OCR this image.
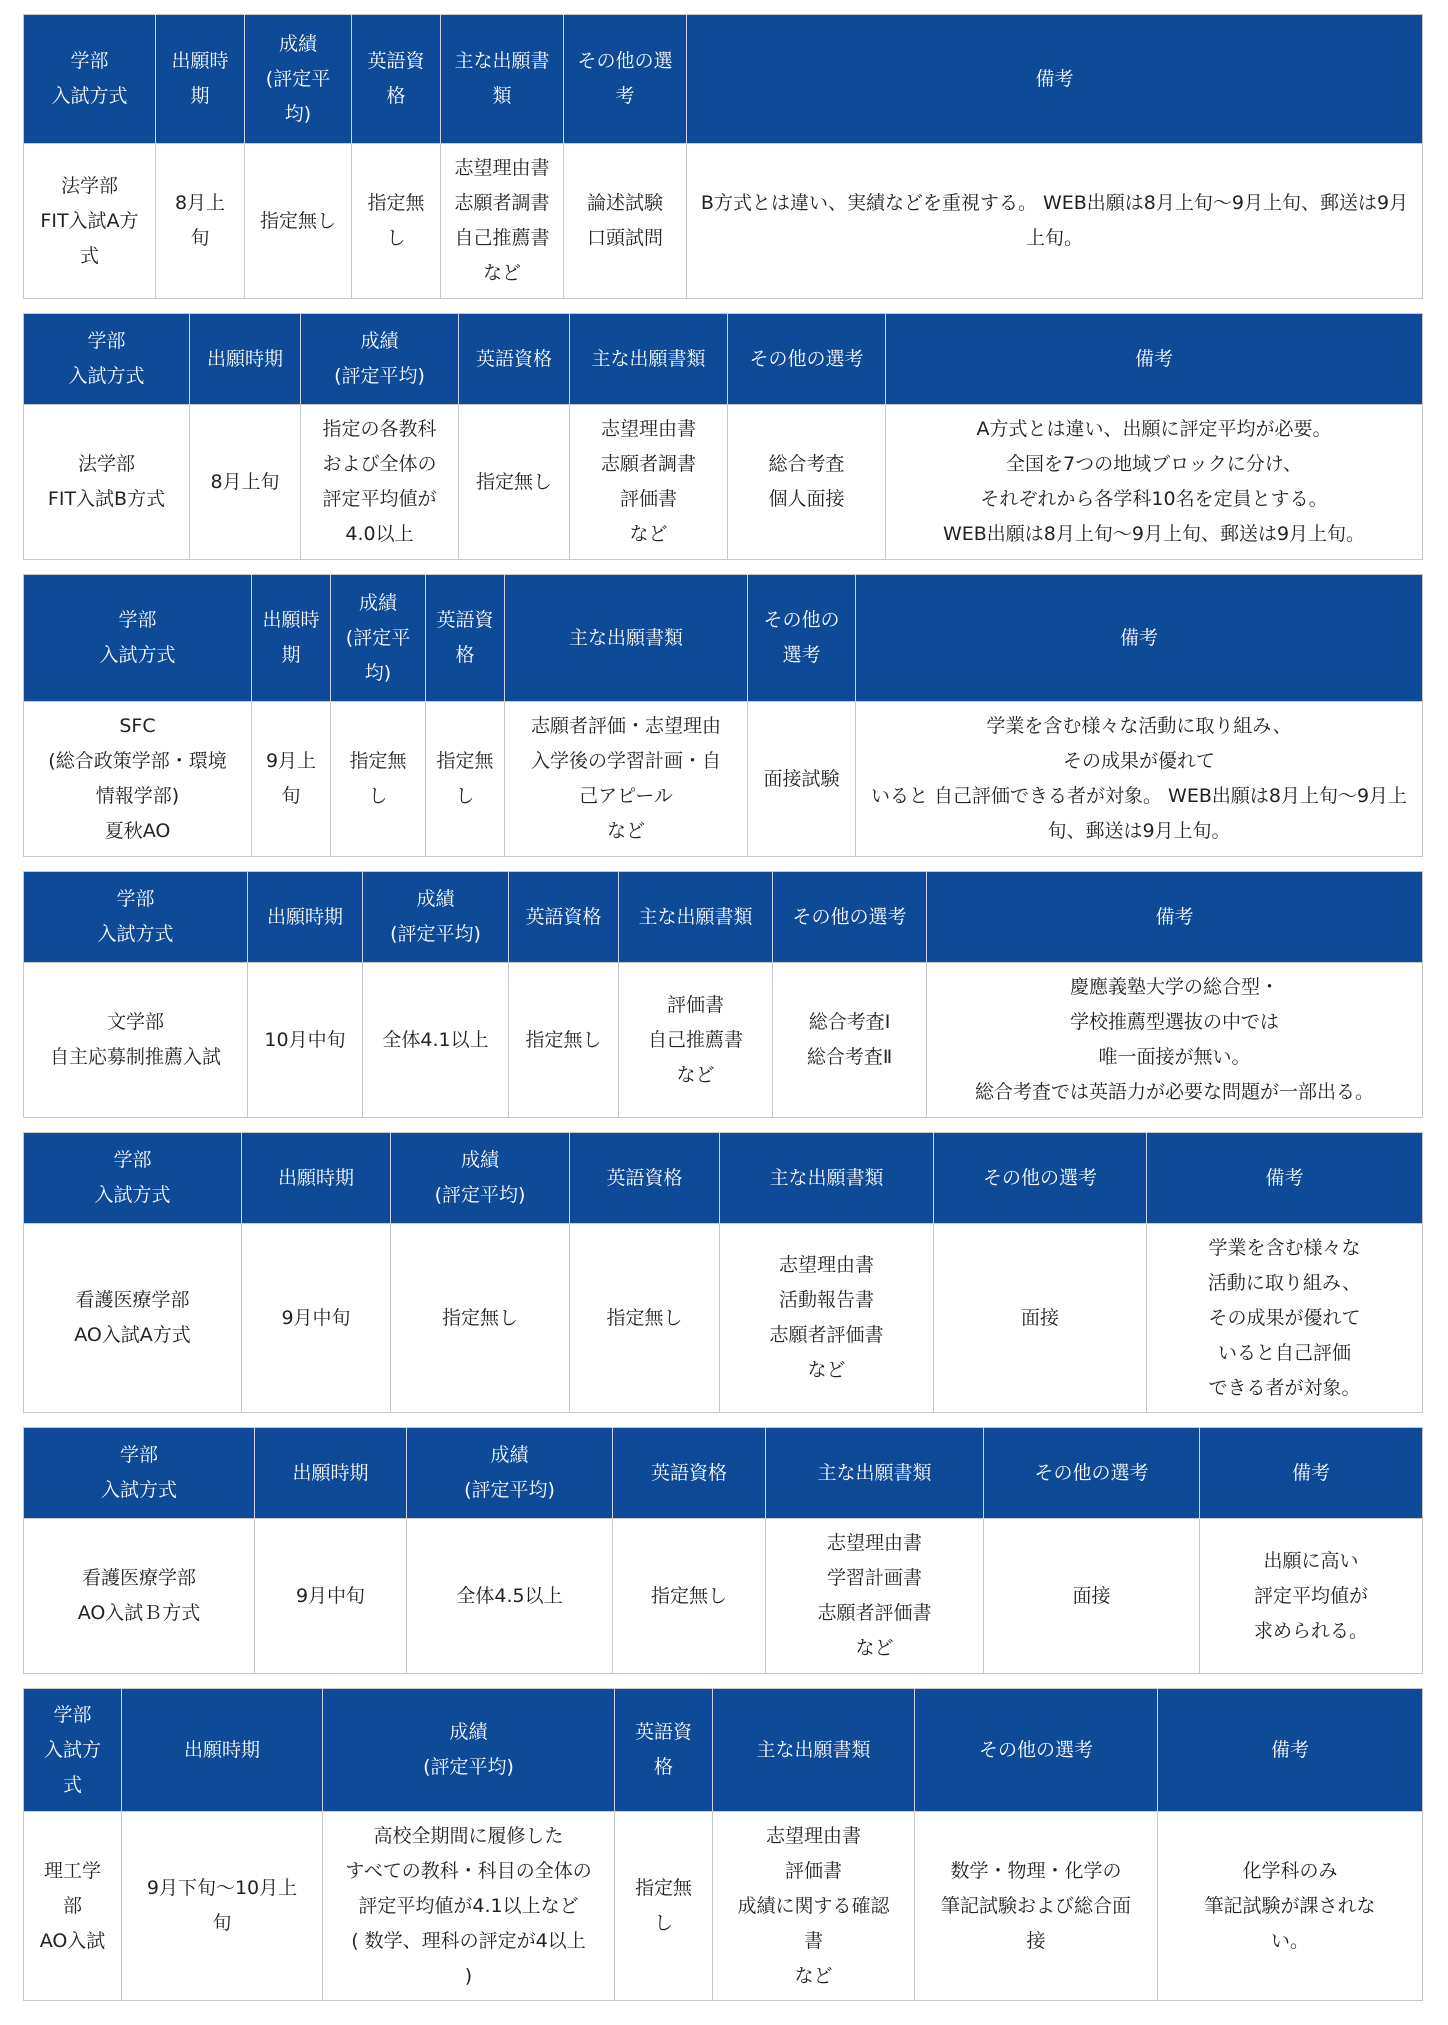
学部
入試方式	出願時
期	成績
(評定平
均)	英語資
格	主な出願書
類	その他の選
考	備考

法学部
FIT入試A方
式	8月上
旬	指定無し	指定無
し	志望理由書
志願者調書
自己推薦書
など	論述試験
口頭試問	B方式とは違い、実績などを重視する。 WEB出願は8月上旬～9月上旬、郵送は9月上旬。
学部
入試方式	出願時期	成績
(評定平均)	英語資格	主な出願書類	その他の選考	備考

法学部
FIT入試B方式	8月上旬	指定の各教科
および全体の
評定平均値が
4.0以上	指定無し	志望理由書
志願者調書
評価書
など	総合考査
個人面接	A方式とは違い、出願に評定平均が必要。
全国を7つの地域ブロックに分け、
それぞれから各学科10名を定員とする。
WEB出願は8月上旬～9月上旬、郵送は9月上旬。
学部
入試方式	出願時
期	成績
(評定平
均)	英語資
格	主な出願書類	その他の
選考	備考

SFC
(総合政策学部・環境
情報学部)
夏秋AO	9月上
旬	指定無
し	指定無
し	志願者評価・志望理由
入学後の学習計画・自
己アピール
など	面接試験	学業を含む様々な活動に取り組み、
その成果が優れて
いると 自己評価できる者が対象。 WEB出願は8月上旬～9月上旬、郵送は9月上旬。
学部
入試方式	出願時期	成績
(評定平均)	英語資格	主な出願書類	その他の選考	備考

文学部
自主応募制推薦入試	10月中旬	全体4.1以上	指定無し	評価書
自己推薦書
など	総合考査Ⅰ
総合考査Ⅱ	慶應義塾大学の総合型・
学校推薦型選抜の中では
唯一面接が無い。
総合考査では英語力が必要な問題が一部出る。
学部
入試方式	出願時期	成績
(評定平均)	英語資格	主な出願書類	その他の選考	備考

看護医療学部
AO入試A方式	9月中旬	指定無し	指定無し	志望理由書
活動報告書
志願者評価書
など	面接	学業を含む様々な
活動に取り組み、
その成果が優れて
いると自己評価
できる者が対象。
学部
入試方式	出願時期	成績
(評定平均)	英語資格	主な出願書類	その他の選考	備考

看護医療学部
AO入試Ｂ方式	9月中旬	全体4.5以上	指定無し	志望理由書
学習計画書
志願者評価書
など	面接	出願に高い
評定平均値が
求められる。
学部
入試方
式	出願時期	成績
(評定平均)	英語資
格	主な出願書類	その他の選考	備考

理工学
部
AO入試	9月下旬～10月上
旬	高校全期間に履修した
すべての教科・科目の全体の
評定平均値が4.1以上など
( 数学、理科の評定が4以上
)	指定無
し	志望理由書
評価書
成績に関する確認
書
など	数学・物理・化学の
筆記試験および総合面
接	化学科のみ
筆記試験が課されな
い。
